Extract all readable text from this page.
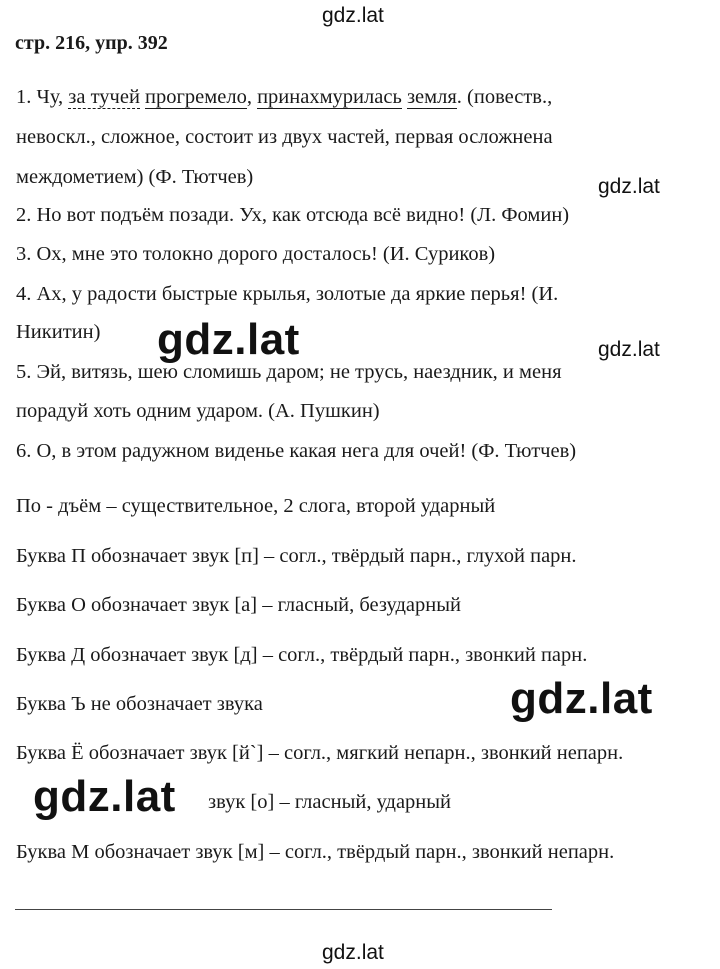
gdz.lat
стр. 216, упр. 392
1. Чу, за тучей прогремело, принахмурилась земля. (повеств.,
невоскл., сложное, состоит из двух частей, первая осложнена
междометием) (Ф. Тютчев)	gdz.lat
2. Но вот подъём позади. Ух, как отсюда всё видно! (Л. Фомин)
3. Ох, мне это толокно дорого досталось! (И. Суриков)
4. Ах, у радости быстрые крылья, золотые да яркие перья! (И.
Никитин)
5. Эй, витязь, шею сломишь даром; не трусь, наездник, и меня
порадуй хоть одним ударом. (А. Пушкин)
6. О, в этом радужном виденье какая нега для очей! (Ф. Тютчев)
gdz.lat	gdz.lat
По - дъём – существительное, 2 слога, второй ударный
Буква П обозначает звук [п] – согл., твёрдый парн., глухой парн.
Буква О обозначает звук [а] – гласный, безударный
Буква Д обозначает звук [д] – согл., твёрдый парн., звонкий парн.
Буква Ъ не обозначает звука
Буква Ё обозначает звук [й`] – согл., мягкий непарн., звонкий непарн.
звук [о] – гласный, ударный
Буква М обозначает звук [м] – согл., твёрдый парн., звонкий непарн.
gdz.lat
gdz.lat
gdz.lat
